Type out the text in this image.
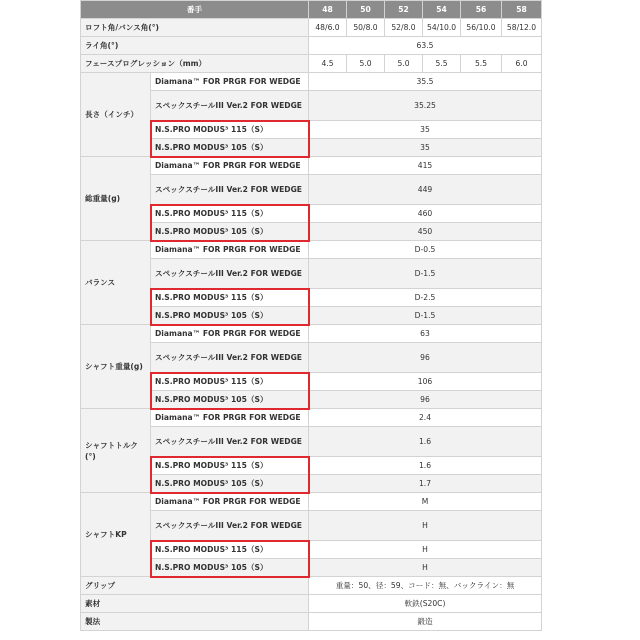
番手		48	50	52	54	56	58
ロフト角/バンス角(°)		48/6.0	50/8.0	52/8.0	54/10.0	56/10.0	58/12.0
ライ角(°)		63.5					
フェースプログレッション（mm）		4.5	5.0	5.0	5.5	5.5	6.0
長さ（インチ）	Diamana™ FOR PRGR FOR WEDGE	35.5					
	スペックスチールIII Ver.2 FOR WEDGE	35.25					
	N.S.PRO MODUS³ 115（S）	35					
	N.S.PRO MODUS³ 105（S）	35					
総重量(g)	Diamana™ FOR PRGR FOR WEDGE	415					
	スペックスチールIII Ver.2 FOR WEDGE	449					
	N.S.PRO MODUS³ 115（S）	460					
	N.S.PRO MODUS³ 105（S）	450					
バランス	Diamana™ FOR PRGR FOR WEDGE	D-0.5					
	スペックスチールIII Ver.2 FOR WEDGE	D-1.5					
	N.S.PRO MODUS³ 115（S）	D-2.5					
	N.S.PRO MODUS³ 105（S）	D-1.5					
シャフト重量(g)	Diamana™ FOR PRGR FOR WEDGE	63					
	スペックスチールIII Ver.2 FOR WEDGE	96					
	N.S.PRO MODUS³ 115（S）	106					
	N.S.PRO MODUS³ 105（S）	96					
シャフトトルク(°)	Diamana™ FOR PRGR FOR WEDGE	2.4					
	スペックスチールIII Ver.2 FOR WEDGE	1.6					
	N.S.PRO MODUS³ 115（S）	1.6					
	N.S.PRO MODUS³ 105（S）	1.7					
シャフトKP	Diamana™ FOR PRGR FOR WEDGE	M					
	スペックスチールIII Ver.2 FOR WEDGE	H					
	N.S.PRO MODUS³ 115（S）	H					
	N.S.PRO MODUS³ 105（S）	H					
グリップ		重量：50、径：59、コード：無、バックライン：無					
素材		軟鉄(S20C)					
製法		鍛造					
